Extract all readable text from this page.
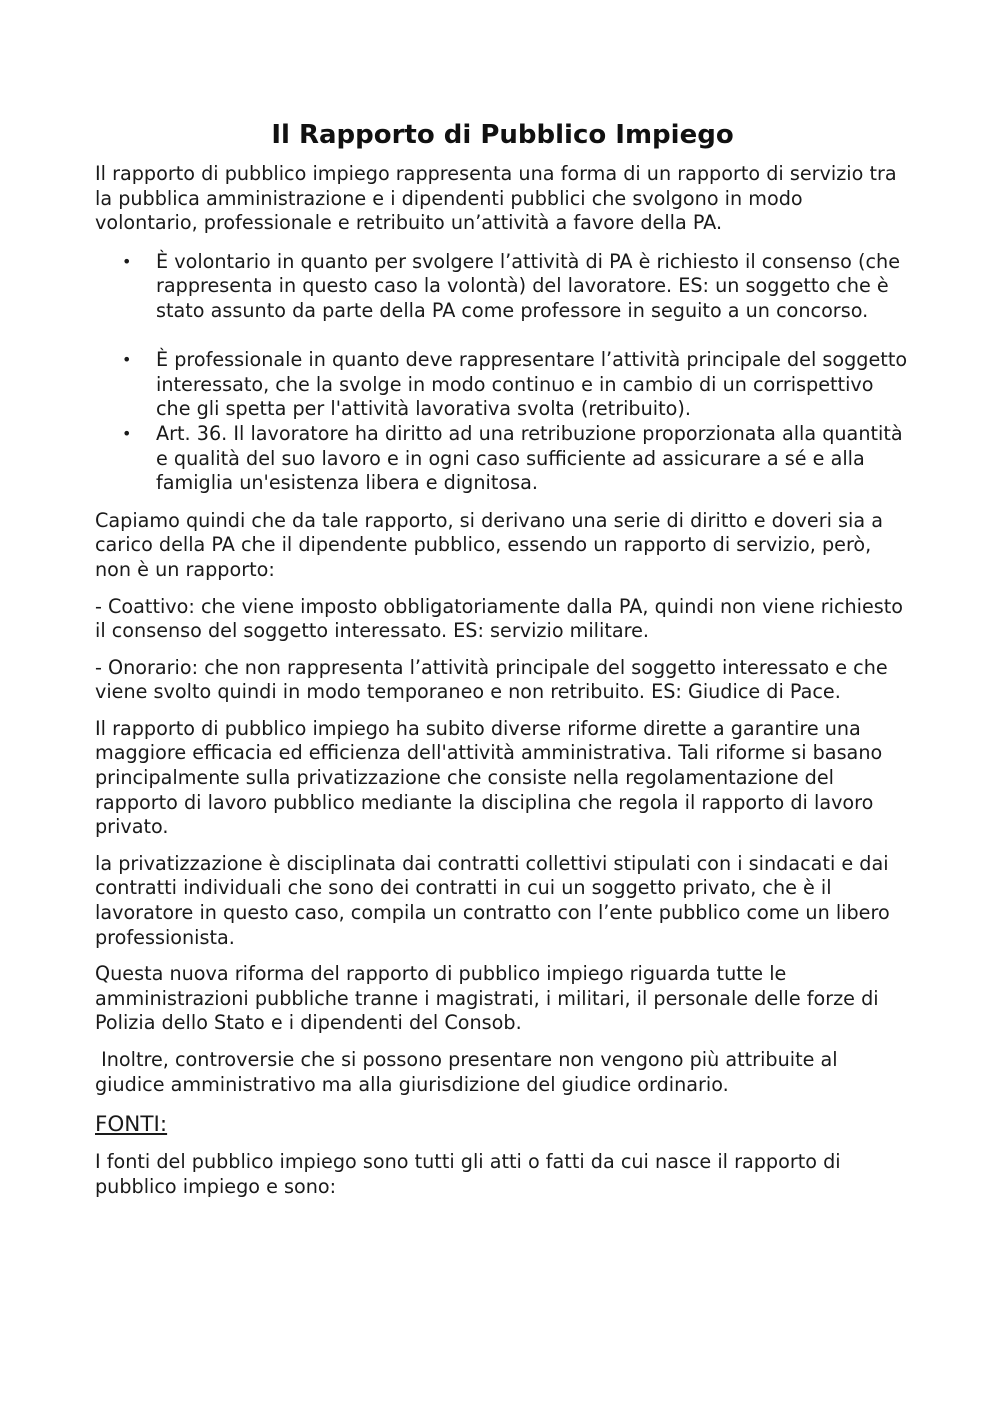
Il Rapporto di Pubblico Impiego

Il rapporto di pubblico impiego rappresenta una forma di un rapporto di servizio tra la pubblica amministrazione e i dipendenti pubblici che svolgono in modo volontario, professionale e retribuito un’attività a favore della PA.

• È volontario in quanto per svolgere l’attività di PA è richiesto il consenso (che rappresenta in questo caso la volontà) del lavoratore. ES: un soggetto che è stato assunto da parte della PA come professore in seguito a un concorso.
• È professionale in quanto deve rappresentare l’attività principale del soggetto interessato, che la svolge in modo continuo e in cambio di un corrispettivo che gli spetta per l'attività lavorativa svolta (retribuito).
• Art. 36. Il lavoratore ha diritto ad una retribuzione proporzionata alla quantità e qualità del suo lavoro e in ogni caso sufficiente ad assicurare a sé e alla famiglia un'esistenza libera e dignitosa.

Capiamo quindi che da tale rapporto, si derivano una serie di diritto e doveri sia a carico della PA che il dipendente pubblico, essendo un rapporto di servizio, però, non è un rapporto:

- Coattivo: che viene imposto obbligatoriamente dalla PA, quindi non viene richiesto il consenso del soggetto interessato. ES: servizio militare.

- Onorario: che non rappresenta l’attività principale del soggetto interessato e che viene svolto quindi in modo temporaneo e non retribuito. ES: Giudice di Pace.

Il rapporto di pubblico impiego ha subito diverse riforme dirette a garantire una maggiore efficacia ed efficienza dell'attività amministrativa. Tali riforme si basano principalmente sulla privatizzazione che consiste nella regolamentazione del rapporto di lavoro pubblico mediante la disciplina che regola il rapporto di lavoro privato.

la privatizzazione è disciplinata dai contratti collettivi stipulati con i sindacati e dai contratti individuali che sono dei contratti in cui un soggetto privato, che è il lavoratore in questo caso, compila un contratto con l’ente pubblico come un libero professionista.

Questa nuova riforma del rapporto di pubblico impiego riguarda tutte le amministrazioni pubbliche tranne i magistrati, i militari, il personale delle forze di Polizia dello Stato e i dipendenti del Consob.

Inoltre, controversie che si possono presentare non vengono più attribuite al giudice amministrativo ma alla giurisdizione del giudice ordinario.

FONTI:

I fonti del pubblico impiego sono tutti gli atti o fatti da cui nasce il rapporto di pubblico impiego e sono:
